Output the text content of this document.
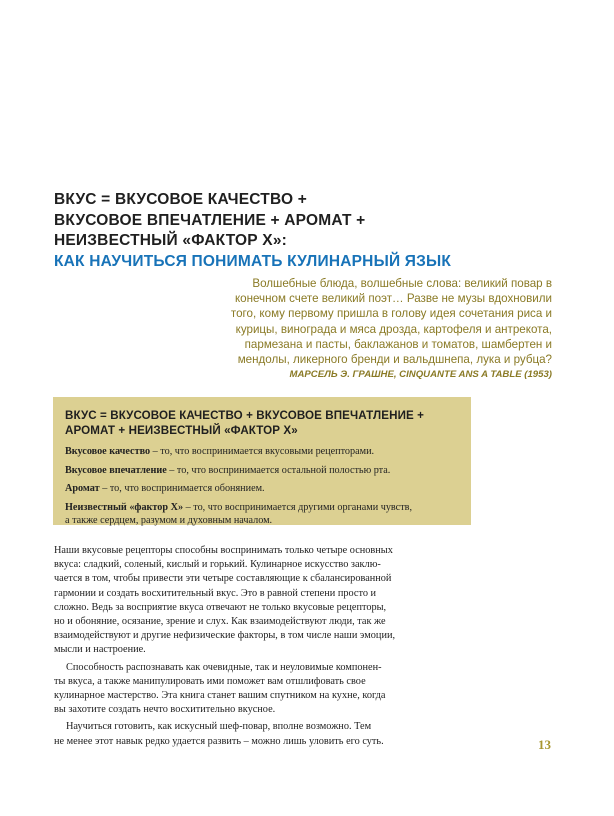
ВКУС = ВКУСОВОЕ КАЧЕСТВО +
ВКУСОВОЕ ВПЕЧАТЛЕНИЕ + АРОМАТ +
НЕИЗВЕСТНЫЙ «ФАКТОР Х»:
КАК НАУЧИТЬСЯ ПОНИМАТЬ КУЛИНАРНЫЙ ЯЗЫК
Волшебные блюда, волшебные слова: великий повар в
конечном счете великий поэт… Разве не музы вдохновили
того, кому первому пришла в голову идея сочетания риса и
курицы, винограда и мяса дрозда, картофеля и антрекота,
пармезана и пасты, баклажанов и томатов, шамбертен и
мендолы, ликерного бренди и вальдшнепа, лука и рубца?
МАРСЕЛЬ Э. ГРАШНЕ, CINQUANTE ANS A TABLE (1953)
ВКУС = ВКУСОВОЕ КАЧЕСТВО + ВКУСОВОЕ ВПЕЧАТЛЕНИЕ +
АРОМАТ + НЕИЗВЕСТНЫЙ «ФАКТОР Х»
Вкусовое качество – то, что воспринимается вкусовыми рецепторами.
Вкусовое впечатление – то, что воспринимается остальной полостью рта.
Аромат – то, что воспринимается обонянием.
Неизвестный «фактор Х» – то, что воспринимается другими органами чувств,
а также сердцем, разумом и духовным началом.

Наши вкусовые рецепторы способны воспринимать только четыре основных
вкуса: сладкий, соленый, кислый и горький. Кулинарное искусство заклю-
чается в том, чтобы привести эти четыре составляющие к сбалансированной
гармонии и создать восхитительный вкус. Это в равной степени просто и
сложно. Ведь за восприятие вкуса отвечают не только вкусовые рецепторы,
но и обоняние, осязание, зрение и слух. Как взаимодействуют люди, так же
взаимодействуют и другие нефизические факторы, в том числе наши эмоции,
мысли и настроение.

Способность распознавать как очевидные, так и неуловимые компонен-
ты вкуса, а также манипулировать ими поможет вам отшлифовать свое
кулинарное мастерство. Эта книга станет вашим спутником на кухне, когда
вы захотите создать нечто восхитительно вкусное.

Научиться готовить, как искусный шеф-повар, вполне возможно. Тем
не менее этот навык редко удается развить – можно лишь уловить его суть.	13
